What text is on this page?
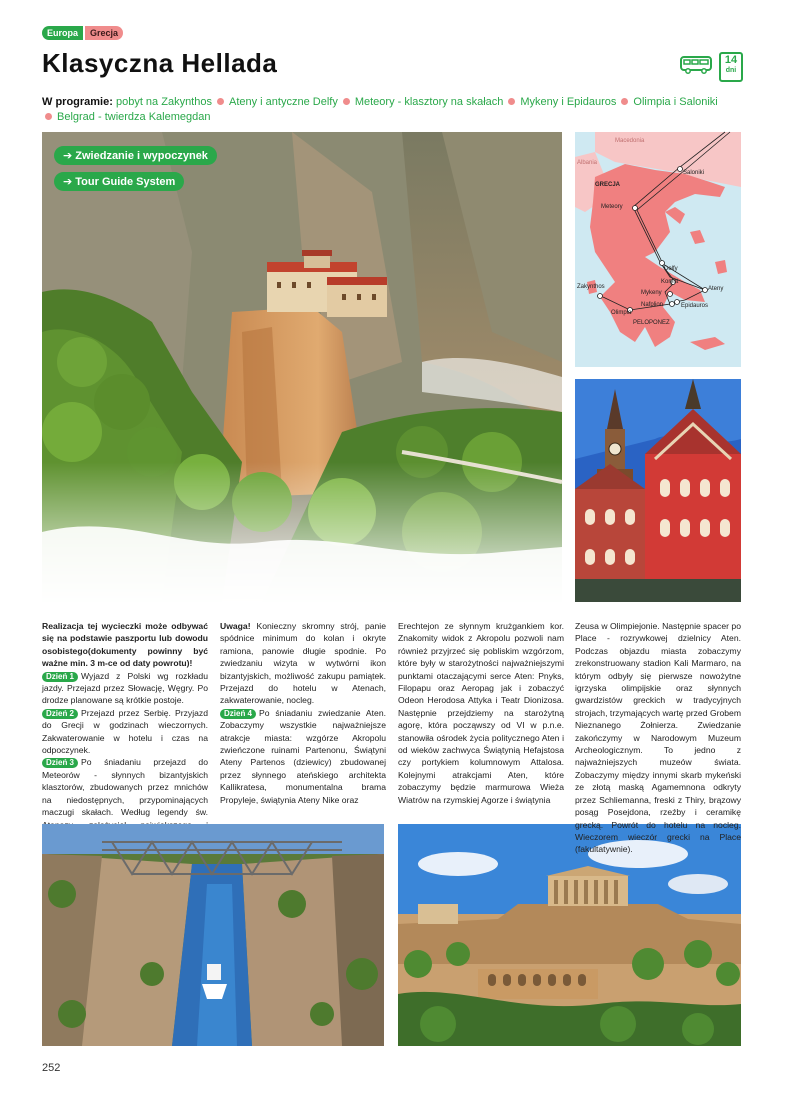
Europa	Grecja
Klasyczna Hellada	14
dni
W programie: pobyt na Zakynthos Ateny i antyczne Delfy Meteory - klasztory na skałach Mykeny i Epidauros Olimpia i Saloniki
Belgrad - twierdza Kalemegdan
➔ Zwiedzanie i wypoczynek
➔ Tour Guide System
Macedonia
Albania
GRECJA
Saloniki
Meteory
Delfy
Korynt
Mykeny
Ateny
Zakynthos
Nafplion	Epidauros
Olimpia
PELOPONEZ
Realizacja tej wycieczki może odbywać się na podstawie paszportu lub dowodu osobistego(dokumenty powinny być ważne min. 3 m-ce od daty powrotu)!
Dzień 1 Wyjazd z Polski wg rozkładu jazdy. Przejazd przez Słowację, Węgry. Po drodze planowane są krótkie postoje.
Dzień 2 Przejazd przez Serbię. Przyjazd do Grecji w godzinach wieczornych. Zakwaterowanie w hotelu i czas na odpoczynek.
Dzień 3 Po śniadaniu przejazd do Meteorów - słynnych bizantyjskich klasztorów, zbudowanych przez mnichów na niedostępnych, przypominających maczugi skałach. Według legendy św.
Uwaga! Konieczny skromny strój, panie spódnice minimum do kolan i okryte ramiona, panowie długie spodnie. Po zwiedzaniu wizyta w wytwórni ikon bizantyjskich, możliwość zakupu pamiątek. Przejazd do hotelu w Atenach, zakwaterowanie, nocleg.
Dzień 4 Po śniadaniu zwiedzanie Aten. Zobaczymy wszystkie najważniejsze atrakcje miasta: wzgórze Akropolu zwieńczone ruinami Partenonu, Świątyni Ateny Partenos (dziewicy) zbudowanej przez słynnego ateńskiego architekta Kallikratesa, monumentalna brama Propyleje, świątynia Ateny Nike oraz
252
Erechtejon ze słynnym krużgankiem kor. Znakomity widok z Akropolu pozwoli nam również przyjrzeć się pobliskim wzgórzom, które były w starożytności najważniejszymi punktami otaczającymi serce Aten: Pnyks, Filopapu oraz Aeropag jak i zobaczyć Odeon Herodosa Attyka i Teatr Dionizosa. Następnie przejdziemy na starożytną agorę, która począwszy od VI w p.n.e. stanowiła ośrodek życia politycznego Aten i od wieków zachwyca Świątynią Hefajstosa czy portykiem kolumnowym Attalosa. Kolejnymi atrakcjami Aten, które zobaczymy będzie marmurowa Wieża Wiatrów na rzymskiej Agorze i świątynia
Zeusa w Olimpiejonie. Następnie spacer po Place - rozrywkowej dzielnicy Aten. Podczas objazdu miasta zobaczymy zrekonstruowany stadion Kali Marmaro, na którym odbyły się pierwsze nowożytne igrzyska olimpijskie oraz słynnych gwardzistów greckich w tradycyjnych strojach, trzymających wartę przed Grobem Nieznanego Żołnierza. Zwiedzanie zakończymy w Narodowym Muzeum Archeologicznym. To jedno z najważniejszych muzeów świata. Zobaczymy między innymi skarb mykeński ze złotą maską Agamemnona odkryty przez Schliemanna, freski z Thiry, brązowy posąg Posejdona, rzeźby i ceramikę grecką. Powrót do hotelu na nocleg. Wieczorem wieczór grecki na Place (fakultatywnie).
